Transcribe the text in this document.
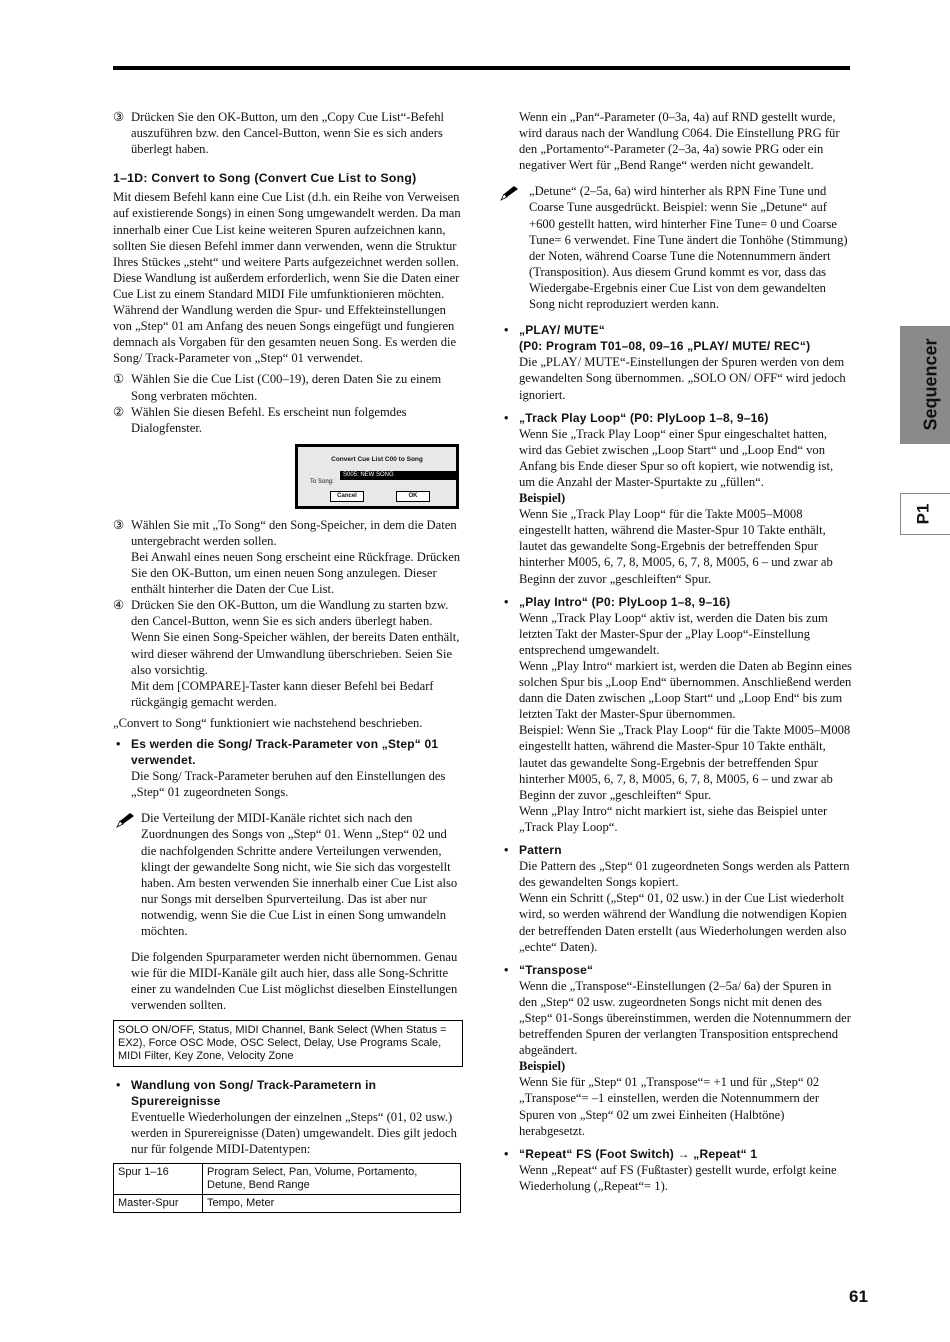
③ Drücken Sie den OK-Button, um den „Copy Cue List“-Befehl auszuführen bzw. den Cancel-Button, wenn Sie es sich anders überlegt haben.

1–1D: Convert to Song (Convert Cue List to Song)

Mit diesem Befehl kann eine Cue List (d.h. ein Reihe von Verweisen auf existierende Songs) in einen Song umgewandelt werden. Da man innerhalb einer Cue List keine weiteren Spuren aufzeichnen kann, sollten Sie diesen Befehl immer dann verwenden, wenn die Struktur Ihres Stückes „steht“ und weitere Parts aufgezeichnet werden sollen. Diese Wandlung ist außerdem erforderlich, wenn Sie die Daten einer Cue List zu einem Standard MIDI File umfunktionieren möchten. Während der Wandlung werden die Spur- und Effekteinstellungen von „Step“ 01 am Anfang des neuen Songs eingefügt und fungieren demnach als Vorgaben für den gesamten neuen Song. Es werden die Song/ Track-Parameter von „Step“ 01 verwendet.

① Wählen Sie die Cue List (C00–19), deren Daten Sie zu einem Song verbraten möchten.

② Wählen Sie diesen Befehl. Es erscheint nun folgemdes Dialogfenster.

Convert Cue List C00 to Song
To Song:
S005: NEW SONG
Cancel	OK

③ Wählen Sie mit „To Song“ den Song-Speicher, in dem die Daten untergebracht werden sollen.

Bei Anwahl eines neuen Song erscheint eine Rückfrage. Drücken Sie den OK-Button, um einen neuen Song anzulegen. Dieser enthält hinterher die Daten der Cue List.

④ Drücken Sie den OK-Button, um die Wandlung zu starten bzw. den Cancel-Button, wenn Sie es sich anders überlegt haben.

Wenn Sie einen Song-Speicher wählen, der bereits Daten enthält, wird dieser während der Umwandlung überschrieben. Seien Sie also vorsichtig.

Mit dem [COMPARE]-Taster kann dieser Befehl bei Bedarf rückgängig gemacht werden.

„Convert to Song“ funktioniert wie nachstehend beschrieben.

• Es werden die Song/ Track-Parameter von „Step“ 01 verwendet.

Die Song/ Track-Parameter beruhen auf den Einstellungen des „Step“ 01 zugeordneten Songs.

Die Verteilung der MIDI-Kanäle richtet sich nach den Zuordnungen des Songs von „Step“ 01. Wenn „Step“ 02 und die nachfolgenden Schritte andere Verteilungen verwenden, klingt der gewandelte Song nicht, wie Sie sich das vorgestellt haben. Am besten verwenden Sie innerhalb einer Cue List also nur Songs mit derselben Spurverteilung. Das ist aber nur notwendig, wenn Sie die Cue List in einen Song umwandeln möchten.

Die folgenden Spurparameter werden nicht übernommen. Genau wie für die MIDI-Kanäle gilt auch hier, dass alle Song-Schritte einer zu wandelnden Cue List möglichst dieselben Einstellungen verwenden sollten.

SOLO ON/OFF, Status, MIDI Channel, Bank Select (When Status = EX2), Force OSC Mode, OSC Select, Delay, Use Programs Scale, MIDI Filter, Key Zone, Velocity Zone
• Wandlung von Song/ Track-Parametern in Spurereignisse

Eventuelle Wiederholungen der einzelnen „Steps“ (01, 02 usw.) werden in Spurereignisse (Daten) umgewandelt. Dies gilt jedoch nur für folgende MIDI-Datentypen:

Spur 1–16	Program Select, Pan, Volume, Portamento, Detune, Bend Range
Master-Spur	Tempo, Meter

Wenn ein „Pan“-Parameter (0–3a, 4a) auf RND gestellt wurde, wird daraus nach der Wandlung C064. Die Einstellung PRG für den „Portamento“-Parameter (2–3a, 4a) sowie PRG oder ein negativer Wert für „Bend Range“ werden nicht gewandelt.

„Detune“ (2–5a, 6a) wird hinterher als RPN Fine Tune und Coarse Tune ausgedrückt. Beispiel: wenn Sie „Detune“ auf +600 gestellt hatten, wird hinterher Fine Tune= 0 und Coarse Tune= 6 verwendet. Fine Tune ändert die Tonhöhe (Stimmung) der Noten, während Coarse Tune die Notennummern ändert (Transposition). Aus diesem Grund kommt es vor, dass das Wiedergabe-Ergebnis einer Cue List von dem gewandelten Song nicht reproduziert werden kann.

• „PLAY/ MUTE“

(P0: Program T01–08, 09–16 „PLAY/ MUTE/ REC“)

Die „PLAY/ MUTE“-Einstellungen der Spuren werden von dem gewandelten Song übernommen. „SOLO ON/ OFF“ wird jedoch ignoriert.

• „Track Play Loop“ (P0: PlyLoop 1–8, 9–16)

Wenn Sie „Track Play Loop“ einer Spur eingeschaltet hatten, wird das Gebiet zwischen „Loop Start“ und „Loop End“ von Anfang bis Ende dieser Spur so oft kopiert, wie notwendig ist, um die Anzahl der Master-Spurtakte zu „füllen“.

Beispiel)

Wenn Sie „Track Play Loop“ für die Takte M005–M008 eingestellt hatten, während die Master-Spur 10 Takte enthält, lautet das gewandelte Song-Ergebnis der betreffenden Spur hinterher M005, 6, 7, 8, M005, 6, 7, 8, M005, 6 – und zwar ab Beginn der zuvor „geschleiften“ Spur.

• „Play Intro“ (P0: PlyLoop 1–8, 9–16)

Wenn „Track Play Loop“ aktiv ist, werden die Daten bis zum letzten Takt der Master-Spur der „Play Loop“-Einstellung entsprechend umgewandelt.

Wenn „Play Intro“ markiert ist, werden die Daten ab Beginn eines solchen Spur bis „Loop End“ übernommen. Anschließend werden dann die Daten zwischen „Loop Start“ und „Loop End“ bis zum letzten Takt der Master-Spur übernommen.

Beispiel: Wenn Sie „Track Play Loop“ für die Takte M005–M008 eingestellt hatten, während die Master-Spur 10 Takte enthält, lautet das gewandelte Song-Ergebnis der betreffenden Spur hinterher M005, 6, 7, 8, M005, 6, 7, 8, M005, 6 – und zwar ab Beginn der zuvor „geschleiften“ Spur.

Wenn „Play Intro“ nicht markiert ist, siehe das Beispiel unter „Track Play Loop“.

• Pattern

Die Pattern des „Step“ 01 zugeordneten Songs werden als Pattern des gewandelten Songs kopiert.

Wenn ein Schritt („Step“ 01, 02 usw.) in der Cue List wiederholt wird, so werden während der Wandlung die notwendigen Kopien der betreffenden Daten erstellt (aus Wiederholungen werden also „echte“ Daten).

• “Transpose“

Wenn die „Transpose“-Einstellungen (2–5a/ 6a) der Spuren in den „Step“ 02 usw. zugeordneten Songs nicht mit denen des „Step“ 01-Songs übereinstimmen, werden die Notennummern der betreffenden Spuren der verlangten Transposition entsprechend abgeändert.

Beispiel)

Wenn Sie für „Step“ 01 „Transpose“= +1 und für „Step“ 02 „Transpose“= –1 einstellen, werden die Notennummern der Spuren von „Step“ 02 um zwei Einheiten (Halbtöne) herabgesetzt.

• “Repeat“ FS (Foot Switch) → „Repeat“ 1

Wenn „Repeat“ auf FS (Fußtaster) gestellt wurde, erfolgt keine Wiederholung („Repeat“= 1).

Sequencer
P1
61
